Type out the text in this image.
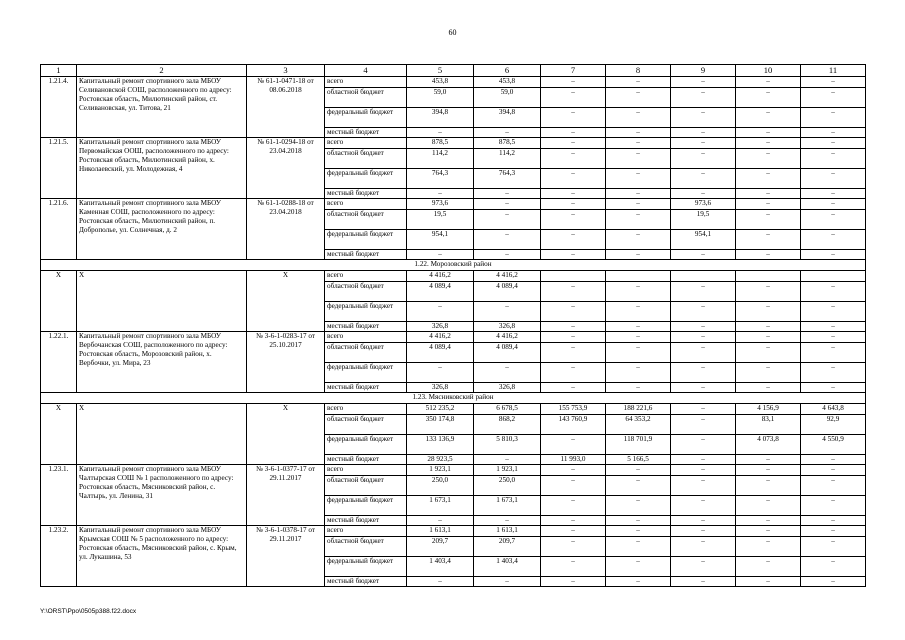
60
1	2	3	4	5	6	7	8	9	10	11
1.21.4.	Капитальный ремонт спортивного зала МБОУ Селивановской СОШ, расположенного по адресу: Ростовская область, Милютинский район, ст. Селивановская, ул. Титова, 21	№ 61-1-0471-18 от 08.06.2018	всего	453,8	453,8	–	–	–	–	–
			областной бюджет	59,0	59,0	–	–	–	–	–
			федеральный бюджет	394,8	394,8	–	–	–	–	–
			местный бюджет	–	–	–	–	–	–	–
1.21.5.	Капитальный ремонт спортивного зала МБОУ Первомайская ООШ, расположенного по адресу: Ростовская область, Милютинский район, х. Николаевский, ул. Молодежная, 4	№ 61-1-0294-18 от 23.04.2018	всего	878,5	878,5	–	–	–	–	–
			областной бюджет	114,2	114,2	–	–	–	–	–
			федеральный бюджет	764,3	764,3	–	–	–	–	–
			местный бюджет	–	–	–	–	–	–	–
1.21.6.	Капитальный ремонт спортивного зала МБОУ Каменная СОШ, расположенного по адресу: Ростовская область, Милютинский район, п. Доброполье, ул. Солнечная, д. 2	№ 61-1-0288-18 от 23.04.2018	всего	973,6	–	–	–	973,6	–	–
			областной бюджет	19,5	–	–	–	19,5	–	–
			федеральный бюджет	954,1	–	–	–	954,1	–	–
			местный бюджет	–	–	–	–	–	–	–
1.22. Морозовский район										
X	X	X	всего	4 416,2	4 416,2					
			областной бюджет	4 089,4	4 089,4	–	–	–	–	–
			федеральный бюджет	–	–	–	–	–	–	–
			местный бюджет	326,8	326,8	–	–	–	–	–
1.22.1.	Капитальный ремонт спортивного зала МБОУ Вербочанская СОШ, расположенного по адресу: Ростовская область, Морозовский район, х. Вербочки, ул. Мира, 23	№ 3-6-1-0283-17 от 25.10.2017	всего	4 416,2	4 416,2	–	–	–	–	–
			областной бюджет	4 089,4	4 089,4	–	–	–	–	–
			федеральный бюджет	–	–	–	–	–	–	–
			местный бюджет	326,8	326,8	–	–	–	–	–
1.23. Мясниковский район										
X	X	X	всего	512 235,2	6 678,5	155 753,9	188 221,6	–	4 156,9	4 643,8
			областной бюджет	350 174,8	868,2	143 760,9	64 353,2	–	83,1	92,9
			федеральный бюджет	133 136,9	5 810,3	–	118 701,9	–	4 073,8	4 550,9
			местный бюджет	28 923,5	–	11 993,0	5 166,5	–	–	–
1.23.1.	Капитальный ремонт спортивного зала МБОУ Чалтырская СОШ № 1 расположенного по адресу: Ростовская область, Мясниковский район, с. Чалтырь, ул. Ленина, 31	№ 3-6-1-0377-17 от 29.11.2017	всего	1 923,1	1 923,1	–	–	–	–	–
			областной бюджет	250,0	250,0	–	–	–	–	–
			федеральный бюджет	1 673,1	1 673,1	–	–	–	–	–
			местный бюджет	–	–	–	–	–	–	–
1.23.2.	Капитальный ремонт спортивного зала МБОУ Крымская СОШ № 5 расположенного по адресу: Ростовская область, Мясниковский район, с. Крым, ул. Лукашина, 53	№ 3-6-1-0378-17 от 29.11.2017	всего	1 613,1	1 613,1	–	–	–	–	–
			областной бюджет	209,7	209,7	–	–	–	–	–
			федеральный бюджет	1 403,4	1 403,4	–	–	–	–	–
			местный бюджет	–	–	–	–	–	–	–
Y:\ORST\Ppo\0505p388.f22.docx
